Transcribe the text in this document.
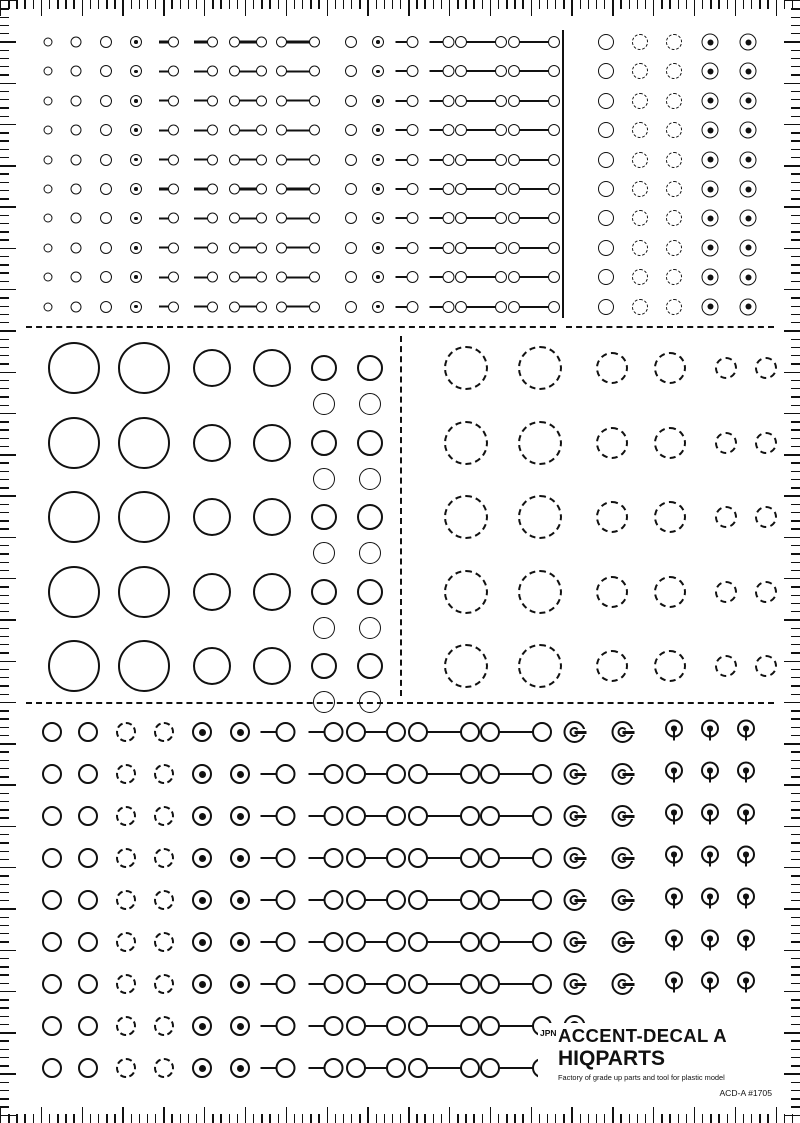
JPN ACCENT-DECAL A
HIQPARTS
Factory of grade up parts and tool for plastic model
ACD-A #1705
